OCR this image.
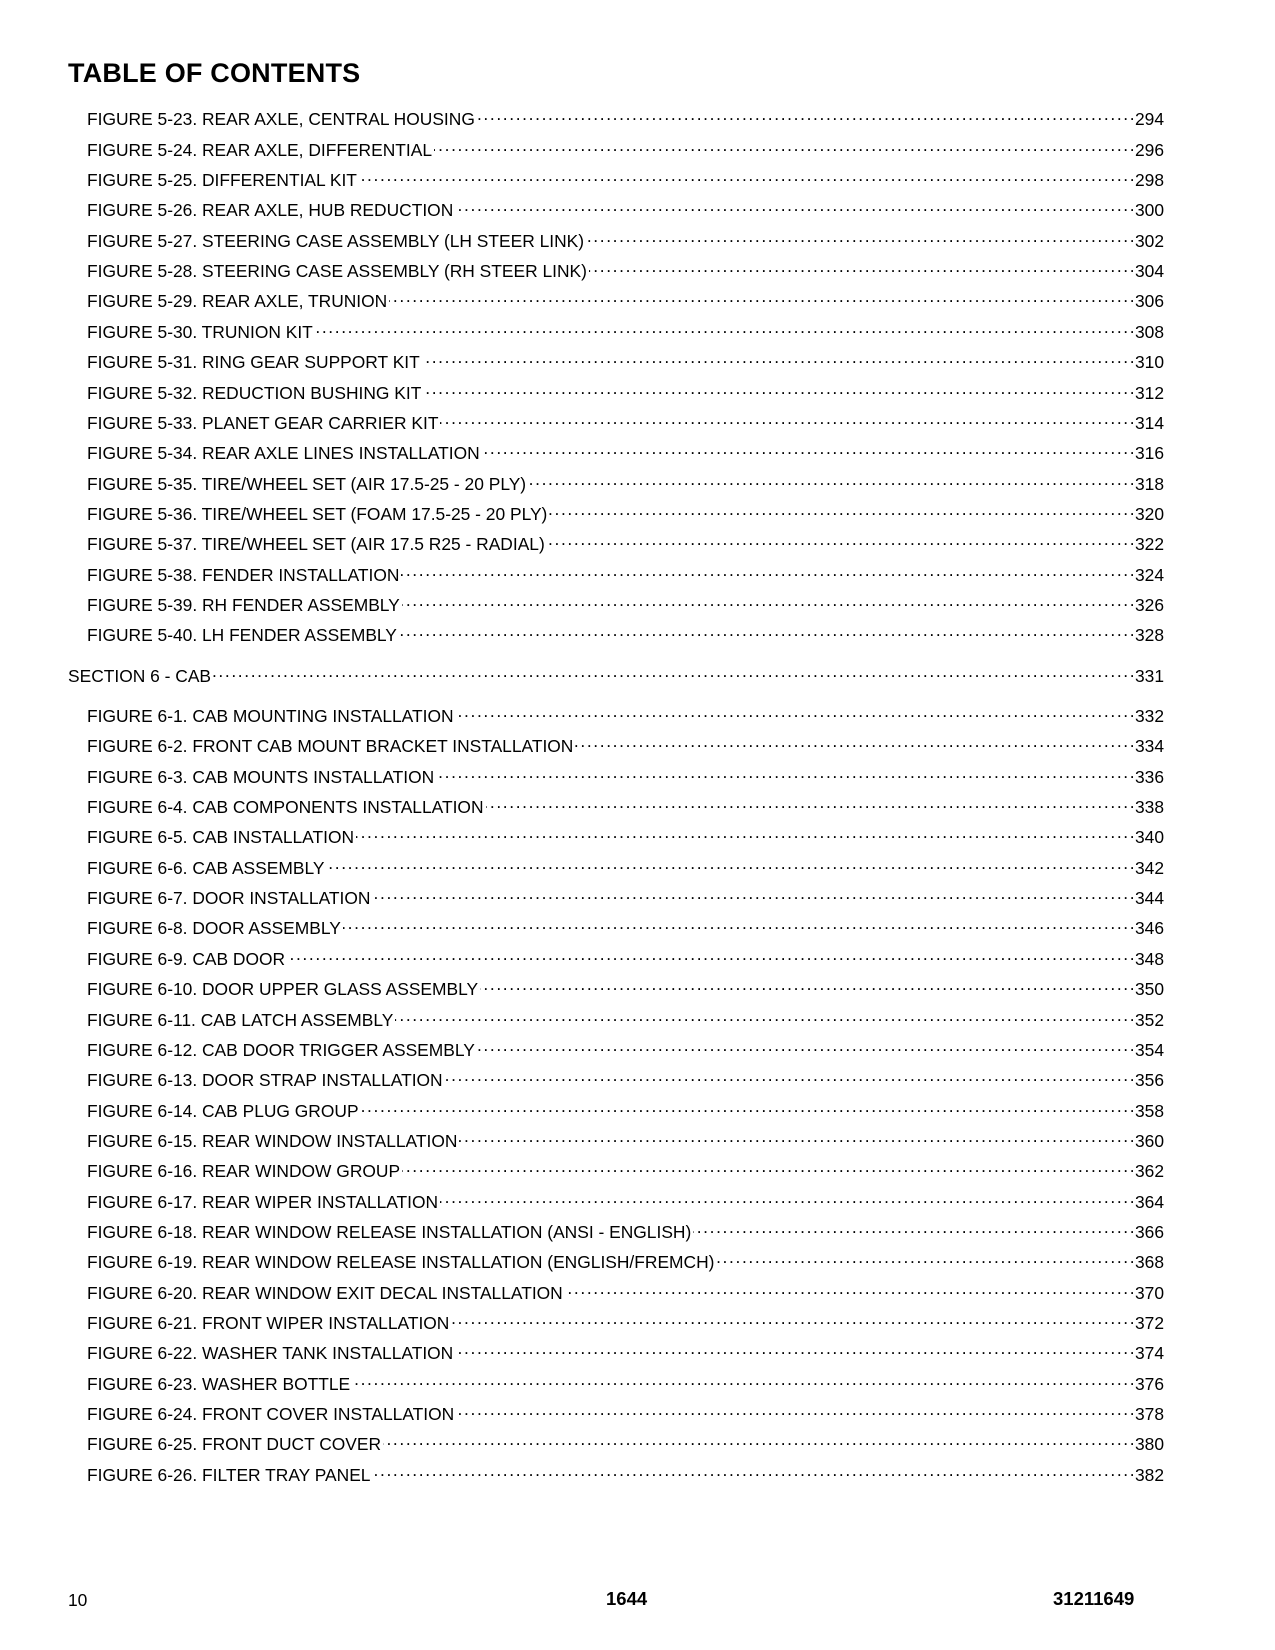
TABLE OF CONTENTS
FIGURE 5-23. REAR AXLE, CENTRAL HOUSING . . .	294
FIGURE 5-24. REAR AXLE, DIFFERENTIAL . . .	296
FIGURE 5-25. DIFFERENTIAL KIT . . .	298
FIGURE 5-26. REAR AXLE, HUB REDUCTION . . .	300
FIGURE 5-27. STEERING CASE ASSEMBLY (LH STEER LINK) . . .	302
FIGURE 5-28. STEERING CASE ASSEMBLY (RH STEER LINK) . . .	304
FIGURE 5-29. REAR AXLE, TRUNION . . .	306
FIGURE 5-30. TRUNION KIT . . .	308
FIGURE 5-31. RING GEAR SUPPORT KIT . . .	310
FIGURE 5-32. REDUCTION BUSHING KIT . . .	312
FIGURE 5-33. PLANET GEAR CARRIER KIT . . .	314
FIGURE 5-34. REAR AXLE LINES INSTALLATION . . .	316
FIGURE 5-35. TIRE/WHEEL SET (AIR 17.5-25 - 20 PLY) . . .	318
FIGURE 5-36. TIRE/WHEEL SET (FOAM 17.5-25 - 20 PLY) . . .	320
FIGURE 5-37. TIRE/WHEEL SET (AIR 17.5 R25 - RADIAL) . . .	322
FIGURE 5-38. FENDER INSTALLATION . . .	324
FIGURE 5-39. RH FENDER ASSEMBLY . . .	326
FIGURE 5-40. LH FENDER ASSEMBLY . . .	328
SECTION 6 - CAB . . .	331
FIGURE 6-1. CAB MOUNTING INSTALLATION . . .	332
FIGURE 6-2. FRONT CAB MOUNT BRACKET INSTALLATION . . .	334
FIGURE 6-3. CAB MOUNTS INSTALLATION . . .	336
FIGURE 6-4. CAB COMPONENTS INSTALLATION . . .	338
FIGURE 6-5. CAB INSTALLATION . . .	340
FIGURE 6-6. CAB ASSEMBLY . . .	342
FIGURE 6-7. DOOR INSTALLATION . . .	344
FIGURE 6-8. DOOR ASSEMBLY . . .	346
FIGURE 6-9. CAB DOOR . . .	348
FIGURE 6-10. DOOR UPPER GLASS ASSEMBLY . . .	350
FIGURE 6-11. CAB LATCH ASSEMBLY . . .	352
FIGURE 6-12. CAB DOOR TRIGGER ASSEMBLY . . .	354
FIGURE 6-13. DOOR STRAP INSTALLATION . . .	356
FIGURE 6-14. CAB PLUG GROUP . . .	358
FIGURE 6-15. REAR WINDOW INSTALLATION . . .	360
FIGURE 6-16. REAR WINDOW GROUP . . .	362
FIGURE 6-17. REAR WIPER INSTALLATION . . .	364
FIGURE 6-18. REAR WINDOW RELEASE INSTALLATION (ANSI - ENGLISH) . . .	366
FIGURE 6-19. REAR WINDOW RELEASE INSTALLATION (ENGLISH/FREMCH) . . .	368
FIGURE 6-20. REAR WINDOW EXIT DECAL INSTALLATION . . .	370
FIGURE 6-21. FRONT WIPER INSTALLATION . . .	372
FIGURE 6-22. WASHER TANK INSTALLATION . . .	374
FIGURE 6-23. WASHER BOTTLE . . .	376
FIGURE 6-24. FRONT COVER INSTALLATION . . .	378
FIGURE 6-25. FRONT DUCT COVER . . .	380
FIGURE 6-26. FILTER TRAY PANEL . . .	382
10	1644	31211649
